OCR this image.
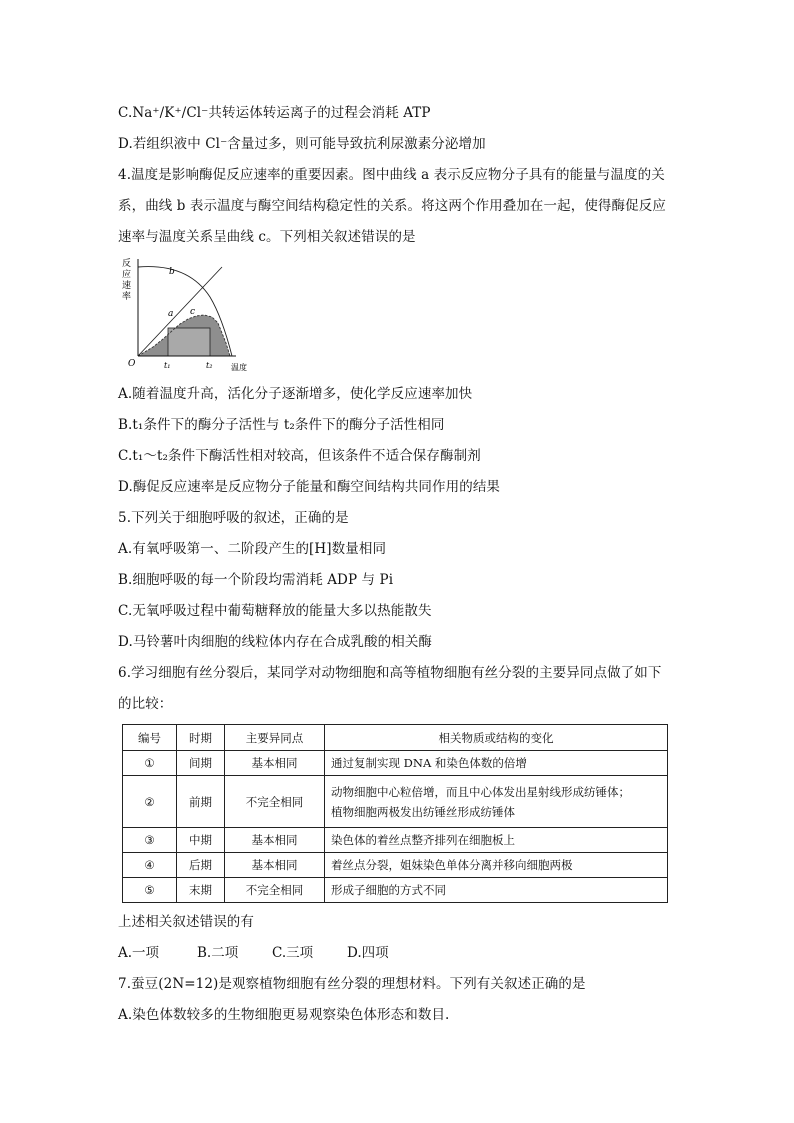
C.Na⁺/K⁺/Cl⁻共转运体转运离子的过程会消耗 ATP
D.若组织液中 Cl⁻含量过多，则可能导致抗利尿激素分泌增加
4.温度是影响酶促反应速率的重要因素。图中曲线 a 表示反应物分子具有的能量与温度的关
系，曲线 b 表示温度与酶空间结构稳定性的关系。将这两个作用叠加在一起，使得酶促反应
速率与温度关系呈曲线 c。下列相关叙述错误的是
反
应
速
率
O	温度
a
b
c
t₁	t₂
A.随着温度升高，活化分子逐渐增多，使化学反应速率加快
B.t₁条件下的酶分子活性与 t₂条件下的酶分子活性相同
C.t₁～t₂条件下酶活性相对较高，但该条件不适合保存酶制剂
D.酶促反应速率是反应物分子能量和酶空间结构共同作用的结果
5.下列关于细胞呼吸的叙述，正确的是
A.有氧呼吸第一、二阶段产生的[H]数量相同
B.细胞呼吸的每一个阶段均需消耗 ADP 与 Pi
C.无氧呼吸过程中葡萄糖释放的能量大多以热能散失
D.马铃薯叶肉细胞的线粒体内存在合成乳酸的相关酶
6.学习细胞有丝分裂后，某同学对动物细胞和高等植物细胞有丝分裂的主要异同点做了如下
的比较：
编号	时期	主要异同点	相关物质或结构的变化
①	间期	基本相同	通过复制实现 DNA 和染色体数的倍增
②	前期	不完全相同	动物细胞中心粒倍增，而且中心体发出星射线形成纺锤体；
植物细胞两极发出纺锤丝形成纺锤体

③	中期	基本相同	染色体的着丝点整齐排列在细胞板上
④	后期	基本相同	着丝点分裂，姐妹染色单体分离并移向细胞两极
⑤	末期	不完全相同	形成子细胞的方式不同
上述相关叙述错误的有
A.一项	B.二项	C.三项	D.四项
7.蚕豆(2N=12)是观察植物细胞有丝分裂的理想材料。下列有关叙述正确的是
A.染色体数较多的生物细胞更易观察染色体形态和数目.
